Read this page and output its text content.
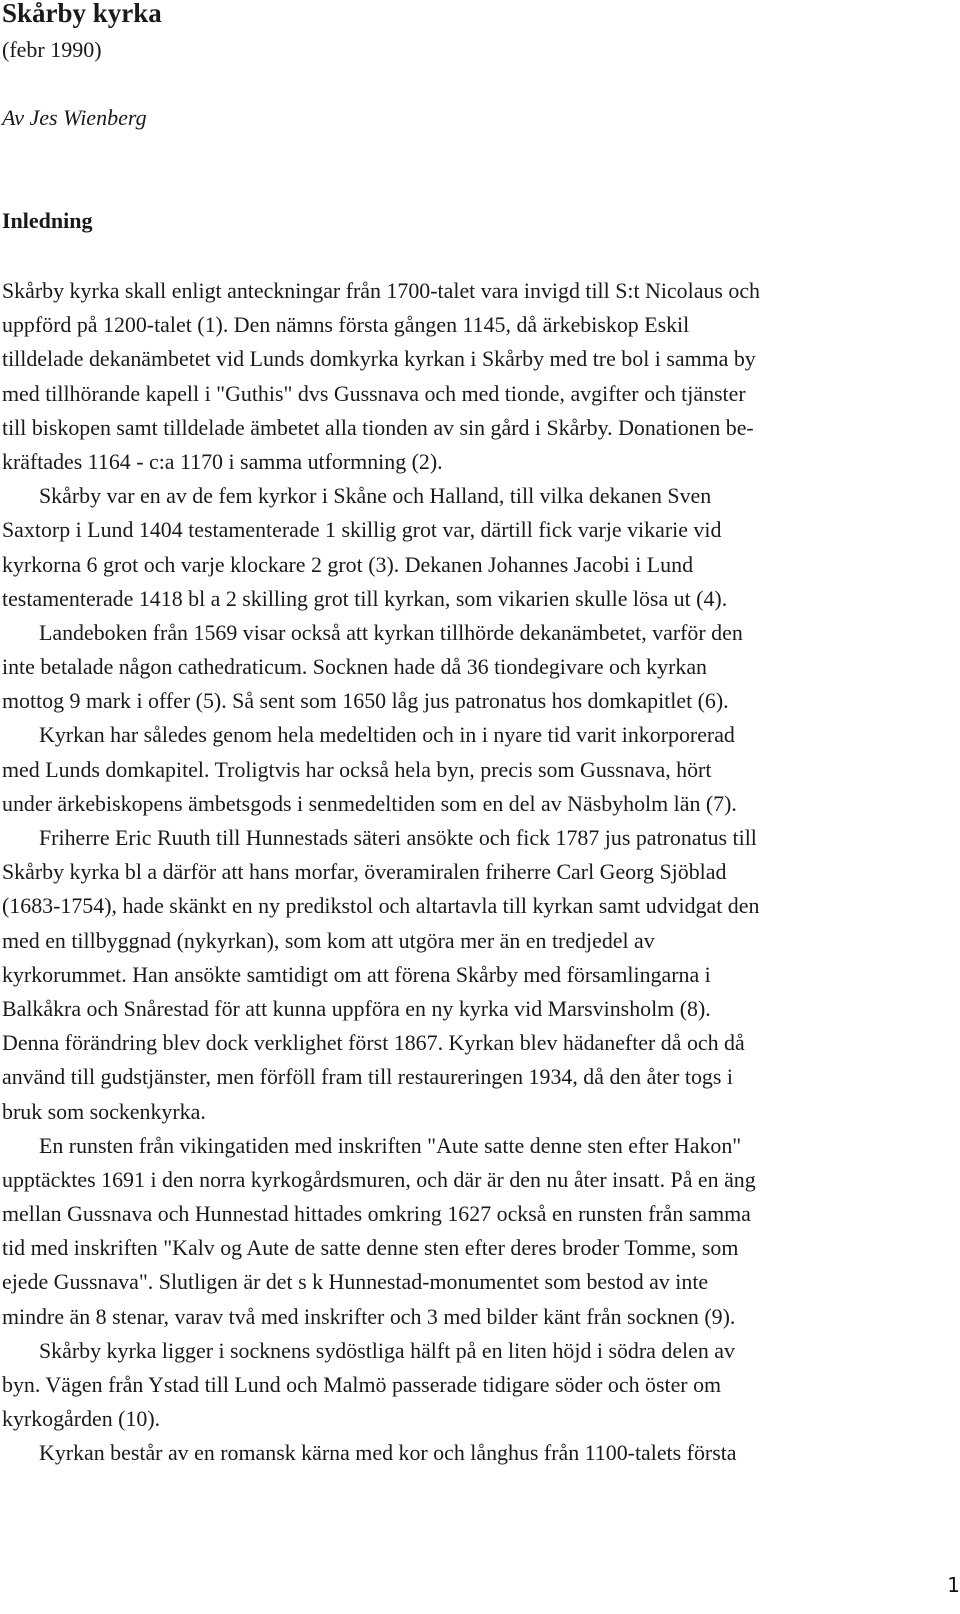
Skårby kyrka
(febr 1990)
Av Jes Wienberg
Inledning
Skårby kyrka skall enligt anteckningar från 1700-talet vara invigd till S:t Nicolaus och
uppförd på 1200-talet (1). Den nämns första gången 1145, då ärkebiskop Eskil
tilldelade dekanämbetet vid Lunds domkyrka kyrkan i Skårby med tre bol i samma by
med tillhörande kapell i "Guthis" dvs Gussnava och med tionde, avgifter och tjänster
till biskopen samt tilldelade ämbetet alla tionden av sin gård i Skårby. Donationen be-
kräftades 1164 - c:a 1170 i samma utformning (2).
Skårby var en av de fem kyrkor i Skåne och Halland, till vilka dekanen Sven
Saxtorp i Lund 1404 testamenterade 1 skillig grot var, därtill fick varje vikarie vid
kyrkorna 6 grot och varje klockare 2 grot (3). Dekanen Johannes Jacobi i Lund
testamenterade 1418 bl a 2 skilling grot till kyrkan, som vikarien skulle lösa ut (4).
Landeboken från 1569 visar också att kyrkan tillhörde dekanämbetet, varför den
inte betalade någon cathedraticum. Socknen hade då 36 tiondegivare och kyrkan
mottog 9 mark i offer (5). Så sent som 1650 låg jus patronatus hos domkapitlet (6).
Kyrkan har således genom hela medeltiden och in i nyare tid varit inkorporerad
med Lunds domkapitel. Troligtvis har också hela byn, precis som Gussnava, hört
under ärkebiskopens ämbetsgods i senmedeltiden som en del av Näsbyholm län (7).
Friherre Eric Ruuth till Hunnestads säteri ansökte och fick 1787 jus patronatus till
Skårby kyrka bl a därför att hans morfar, överamiralen friherre Carl Georg Sjöblad
(1683-1754), hade skänkt en ny predikstol och altartavla till kyrkan samt udvidgat den
med en tillbyggnad (nykyrkan), som kom att utgöra mer än en tredjedel av
kyrkorummet. Han ansökte samtidigt om att förena Skårby med församlingarna i
Balkåkra och Snårestad för att kunna uppföra en ny kyrka vid Marsvinsholm (8).
Denna förändring blev dock verklighet först 1867. Kyrkan blev hädanefter då och då
använd till gudstjänster, men förföll fram till restaureringen 1934, då den åter togs i
bruk som sockenkyrka.
En runsten från vikingatiden med inskriften "Aute satte denne sten efter Hakon"
upptäcktes 1691 i den norra kyrkogårdsmuren, och där är den nu åter insatt. På en äng
mellan Gussnava och Hunnestad hittades omkring 1627 också en runsten från samma
tid med inskriften "Kalv og Aute de satte denne sten efter deres broder Tomme, som
ejede Gussnava". Slutligen är det s k Hunnestad-monumentet som bestod av inte
mindre än 8 stenar, varav två med inskrifter och 3 med bilder känt från socknen (9).
Skårby kyrka ligger i socknens sydöstliga hälft på en liten höjd i södra delen av
byn. Vägen från Ystad till Lund och Malmö passerade tidigare söder och öster om
kyrkogården (10).
Kyrkan består av en romansk kärna med kor och långhus från 1100-talets första
1
